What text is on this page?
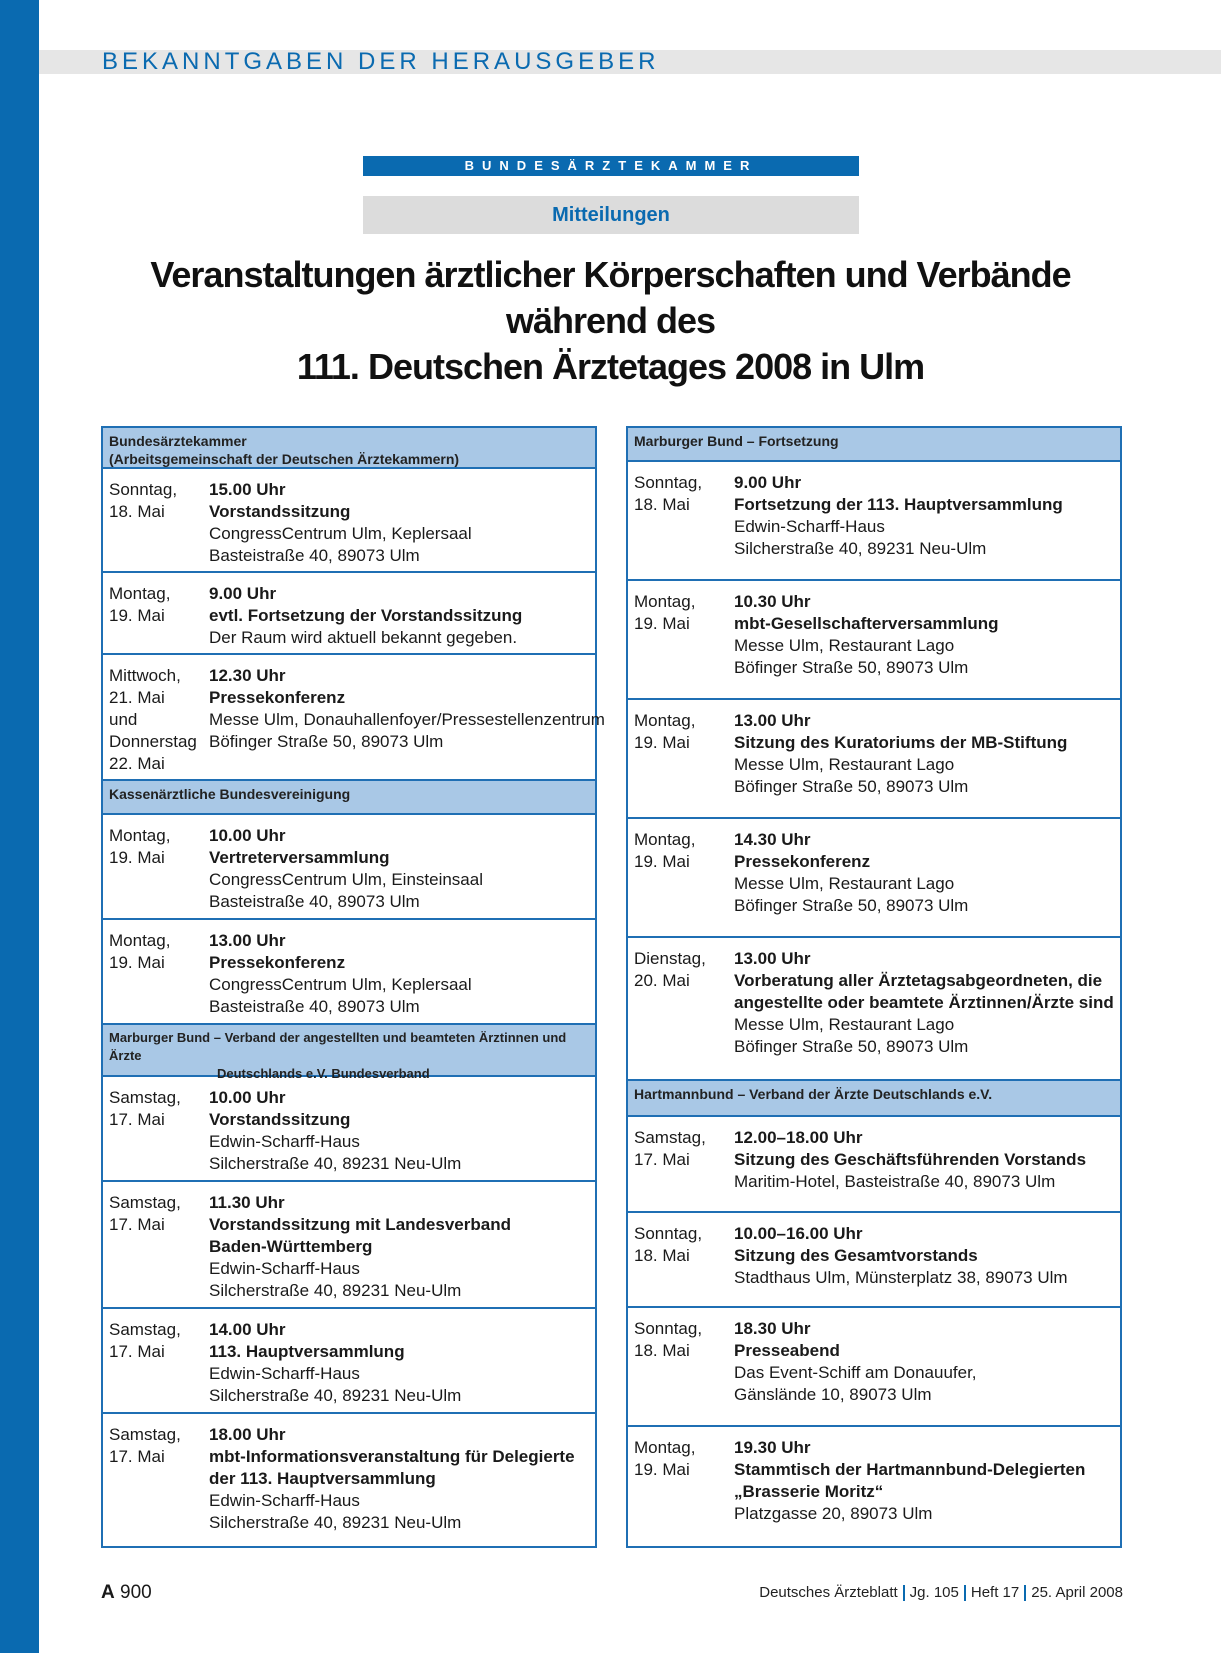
BEKANNTGABEN DER HERAUSGEBER
BUNDESÄRZTEKAMMER
Mitteilungen
Veranstaltungen ärztlicher Körperschaften und Verbände
während des
111. Deutschen Ärztetages 2008 in Ulm
Bundesärztekammer
(Arbeitsgemeinschaft der Deutschen Ärztekammern)
Sonntag,
18. Mai
15.00 Uhr
Vorstandssitzung
CongressCentrum Ulm, Keplersaal
Basteistraße 40, 89073 Ulm
Montag,
19. Mai
9.00 Uhr
evtl. Fortsetzung der Vorstandssitzung
Der Raum wird aktuell bekannt gegeben.
Mittwoch,
21. Mai
und
Donnerstag
22. Mai
12.30 Uhr
Pressekonferenz
Messe Ulm, Donauhallenfoyer/Pressestellenzentrum
Böfinger Straße 50, 89073 Ulm
Kassenärztliche Bundesvereinigung
Montag,
19. Mai
10.00 Uhr
Vertreterversammlung
CongressCentrum Ulm, Einsteinsaal
Basteistraße 40, 89073 Ulm
Montag,
19. Mai
13.00 Uhr
Pressekonferenz
CongressCentrum Ulm, Keplersaal
Basteistraße 40, 89073 Ulm
Marburger Bund – Verband der angestellten und beamteten Ärztinnen und Ärzte
Deutschlands e.V. Bundesverband
Samstag,
17. Mai
10.00 Uhr
Vorstandssitzung
Edwin-Scharff-Haus
Silcherstraße 40, 89231 Neu-Ulm
Samstag,
17. Mai
11.30 Uhr
Vorstandssitzung mit Landesverband
Baden-Württemberg
Edwin-Scharff-Haus
Silcherstraße 40, 89231 Neu-Ulm
Samstag,
17. Mai
14.00 Uhr
113. Hauptversammlung
Edwin-Scharff-Haus
Silcherstraße 40, 89231 Neu-Ulm
Samstag,
17. Mai
18.00 Uhr
mbt-Informationsveranstaltung für Delegierte
der 113. Hauptversammlung
Edwin-Scharff-Haus
Silcherstraße 40, 89231 Neu-Ulm
Marburger Bund – Fortsetzung
Sonntag,
18. Mai
9.00 Uhr
Fortsetzung der 113. Hauptversammlung
Edwin-Scharff-Haus
Silcherstraße 40, 89231 Neu-Ulm
Montag,
19. Mai
10.30 Uhr
mbt-Gesellschafterversammlung
Messe Ulm, Restaurant Lago
Böfinger Straße 50, 89073 Ulm
Montag,
19. Mai
13.00 Uhr
Sitzung des Kuratoriums der MB-Stiftung
Messe Ulm, Restaurant Lago
Böfinger Straße 50, 89073 Ulm
Montag,
19. Mai
14.30 Uhr
Pressekonferenz
Messe Ulm, Restaurant Lago
Böfinger Straße 50, 89073 Ulm
Dienstag,
20. Mai
13.00 Uhr
Vorberatung aller Ärztetagsabgeordneten, die
angestellte oder beamtete Ärztinnen/Ärzte sind
Messe Ulm, Restaurant Lago
Böfinger Straße 50, 89073 Ulm
Hartmannbund – Verband der Ärzte Deutschlands e.V.
Samstag,
17. Mai
12.00–18.00 Uhr
Sitzung des Geschäftsführenden Vorstands
Maritim-Hotel, Basteistraße 40, 89073 Ulm
Sonntag,
18. Mai
10.00–16.00 Uhr
Sitzung des Gesamtvorstands
Stadthaus Ulm, Münsterplatz 38, 89073 Ulm
Sonntag,
18. Mai
18.30 Uhr
Presseabend
Das Event-Schiff am Donauufer,
Gänslände 10, 89073 Ulm
Montag,
19. Mai
19.30 Uhr
Stammtisch der Hartmannbund-Delegierten
„Brasserie Moritz“
Platzgasse 20, 89073 Ulm
A 900	Deutsches Ärzteblatt Jg. 105 Heft 17 25. April 2008
